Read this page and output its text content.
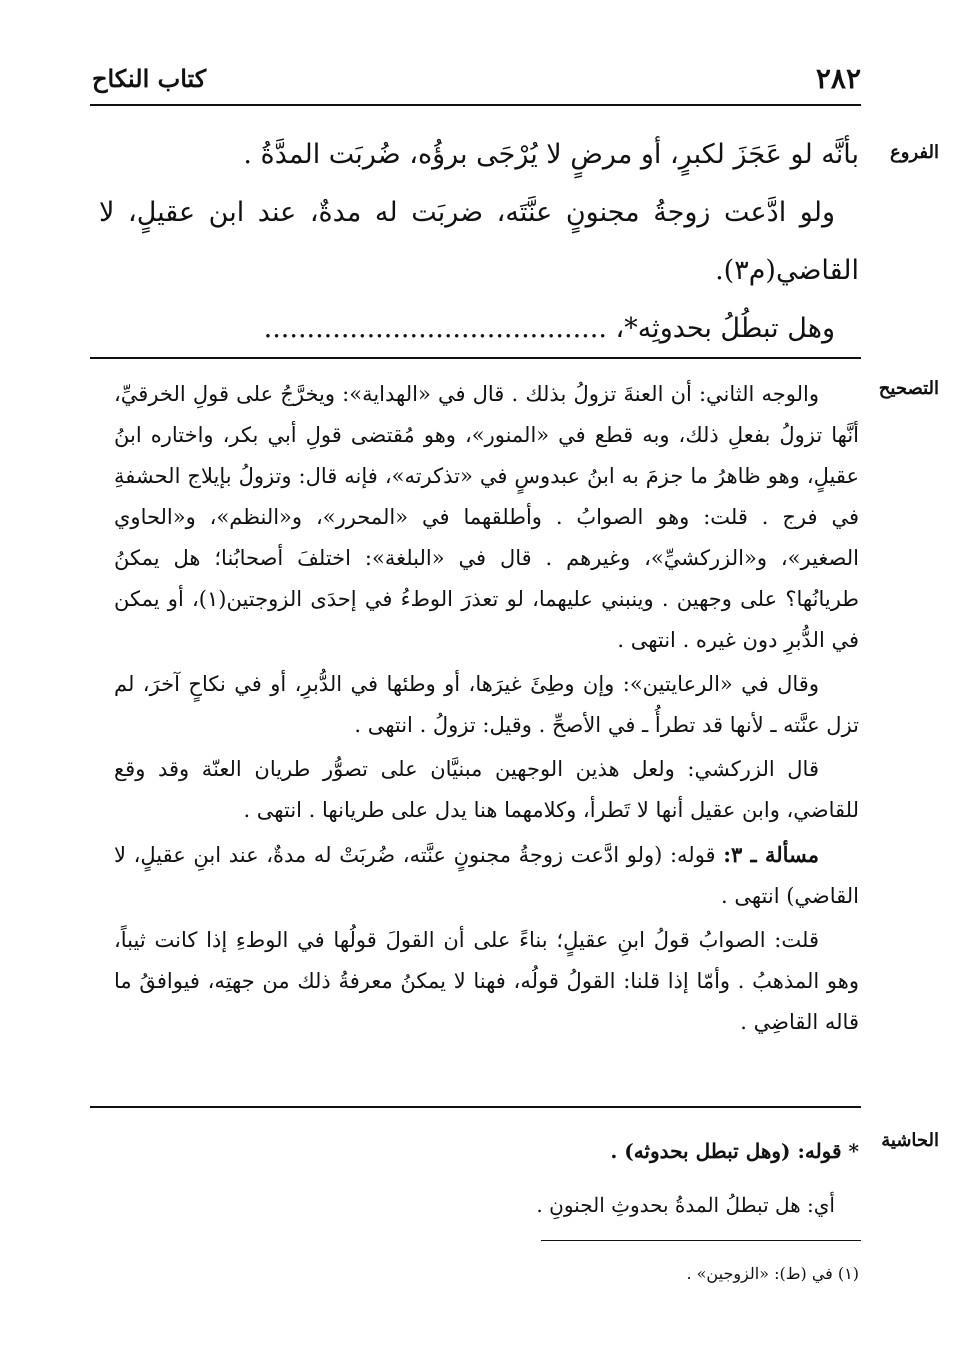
٢٨٢
كتاب النكاح
الفروع

بأنَّه لو عَجَزَ لكبرٍ، أو مرضٍ لا يُرْجَى برؤُه، ضُربَت المدَّةُ .

ولو ادَّعت زوجةُ مجنونٍ عنَّتَه، ضربَت له مدةٌ، عند ابن عقيلٍ، لا القاضي(م٣).

وهل تبطُلُ بحدوثِه*، ........................................

التصحيح

والوجه الثاني: أن العنةَ تزولُ بذلك . قال في «الهداية»: ويخرَّجُ على قولِ الخرقيِّ، أنَّها تزولُ بفعلِ ذلك، وبه قطع في «المنور»، وهو مُقتضى قولِ أبي بكر، واختاره ابنُ عقيلٍ، وهو ظاهرُ ما جزمَ به ابنُ عبدوسٍ في «تذكرته»، فإنه قال: وتزولُ بإيلاج الحشفةِ في فرج . قلت: وهو الصوابُ . وأطلقهما في «المحرر»، و«النظم»، و«الحاوي الصغير»، و«الزركشيِّ»، وغيرهم . قال في «البلغة»: اختلفَ أصحابُنا؛ هل يمكنُ طريانُها؟ على وجهين . وينبني عليهما، لو تعذرَ الوطءُ في إحدَى الزوجتين(١)، أو يمكن في الدُّبرِ دون غيره . انتهى .

وقال في «الرعايتين»: وإن وطِئَ غيرَها، أو وطئها في الدُّبرِ، أو في نكاحٍ آخرَ، لم تزل عنَّته ـ لأنها قد تطرأُ ـ في الأصحِّ . وقيل: تزولُ . انتهى .

قال الزركشي: ولعل هذين الوجهين مبنيَّان على تصوُّر طريان العنّة وقد وقع للقاضي، وابن عقيل أنها لا تَطرأ، وكلامهما هنا يدل على طريانها . انتهى .

مسألة ـ ٣: قوله: (ولو ادَّعت زوجةُ مجنونٍ عنَّته، ضُربَتْ له مدةٌ، عند ابنِ عقيلٍ، لا القاضي) انتهى .

قلت: الصوابُ قولُ ابنِ عقيلٍ؛ بناءً على أن القولَ قولُها في الوطءِ إذا كانت ثيباً، وهو المذهبُ . وأمّا إذا قلنا: القولُ قولُه، فهنا لا يمكنُ معرفةُ ذلك من جهتِه، فيوافقُ ما قاله القاضِي .

الحاشية
* قوله: (وهل تبطل بحدوثه) .
أي: هل تبطلُ المدةُ بحدوثِ الجنونِ .
(١) في (ط): «الزوجين» .
